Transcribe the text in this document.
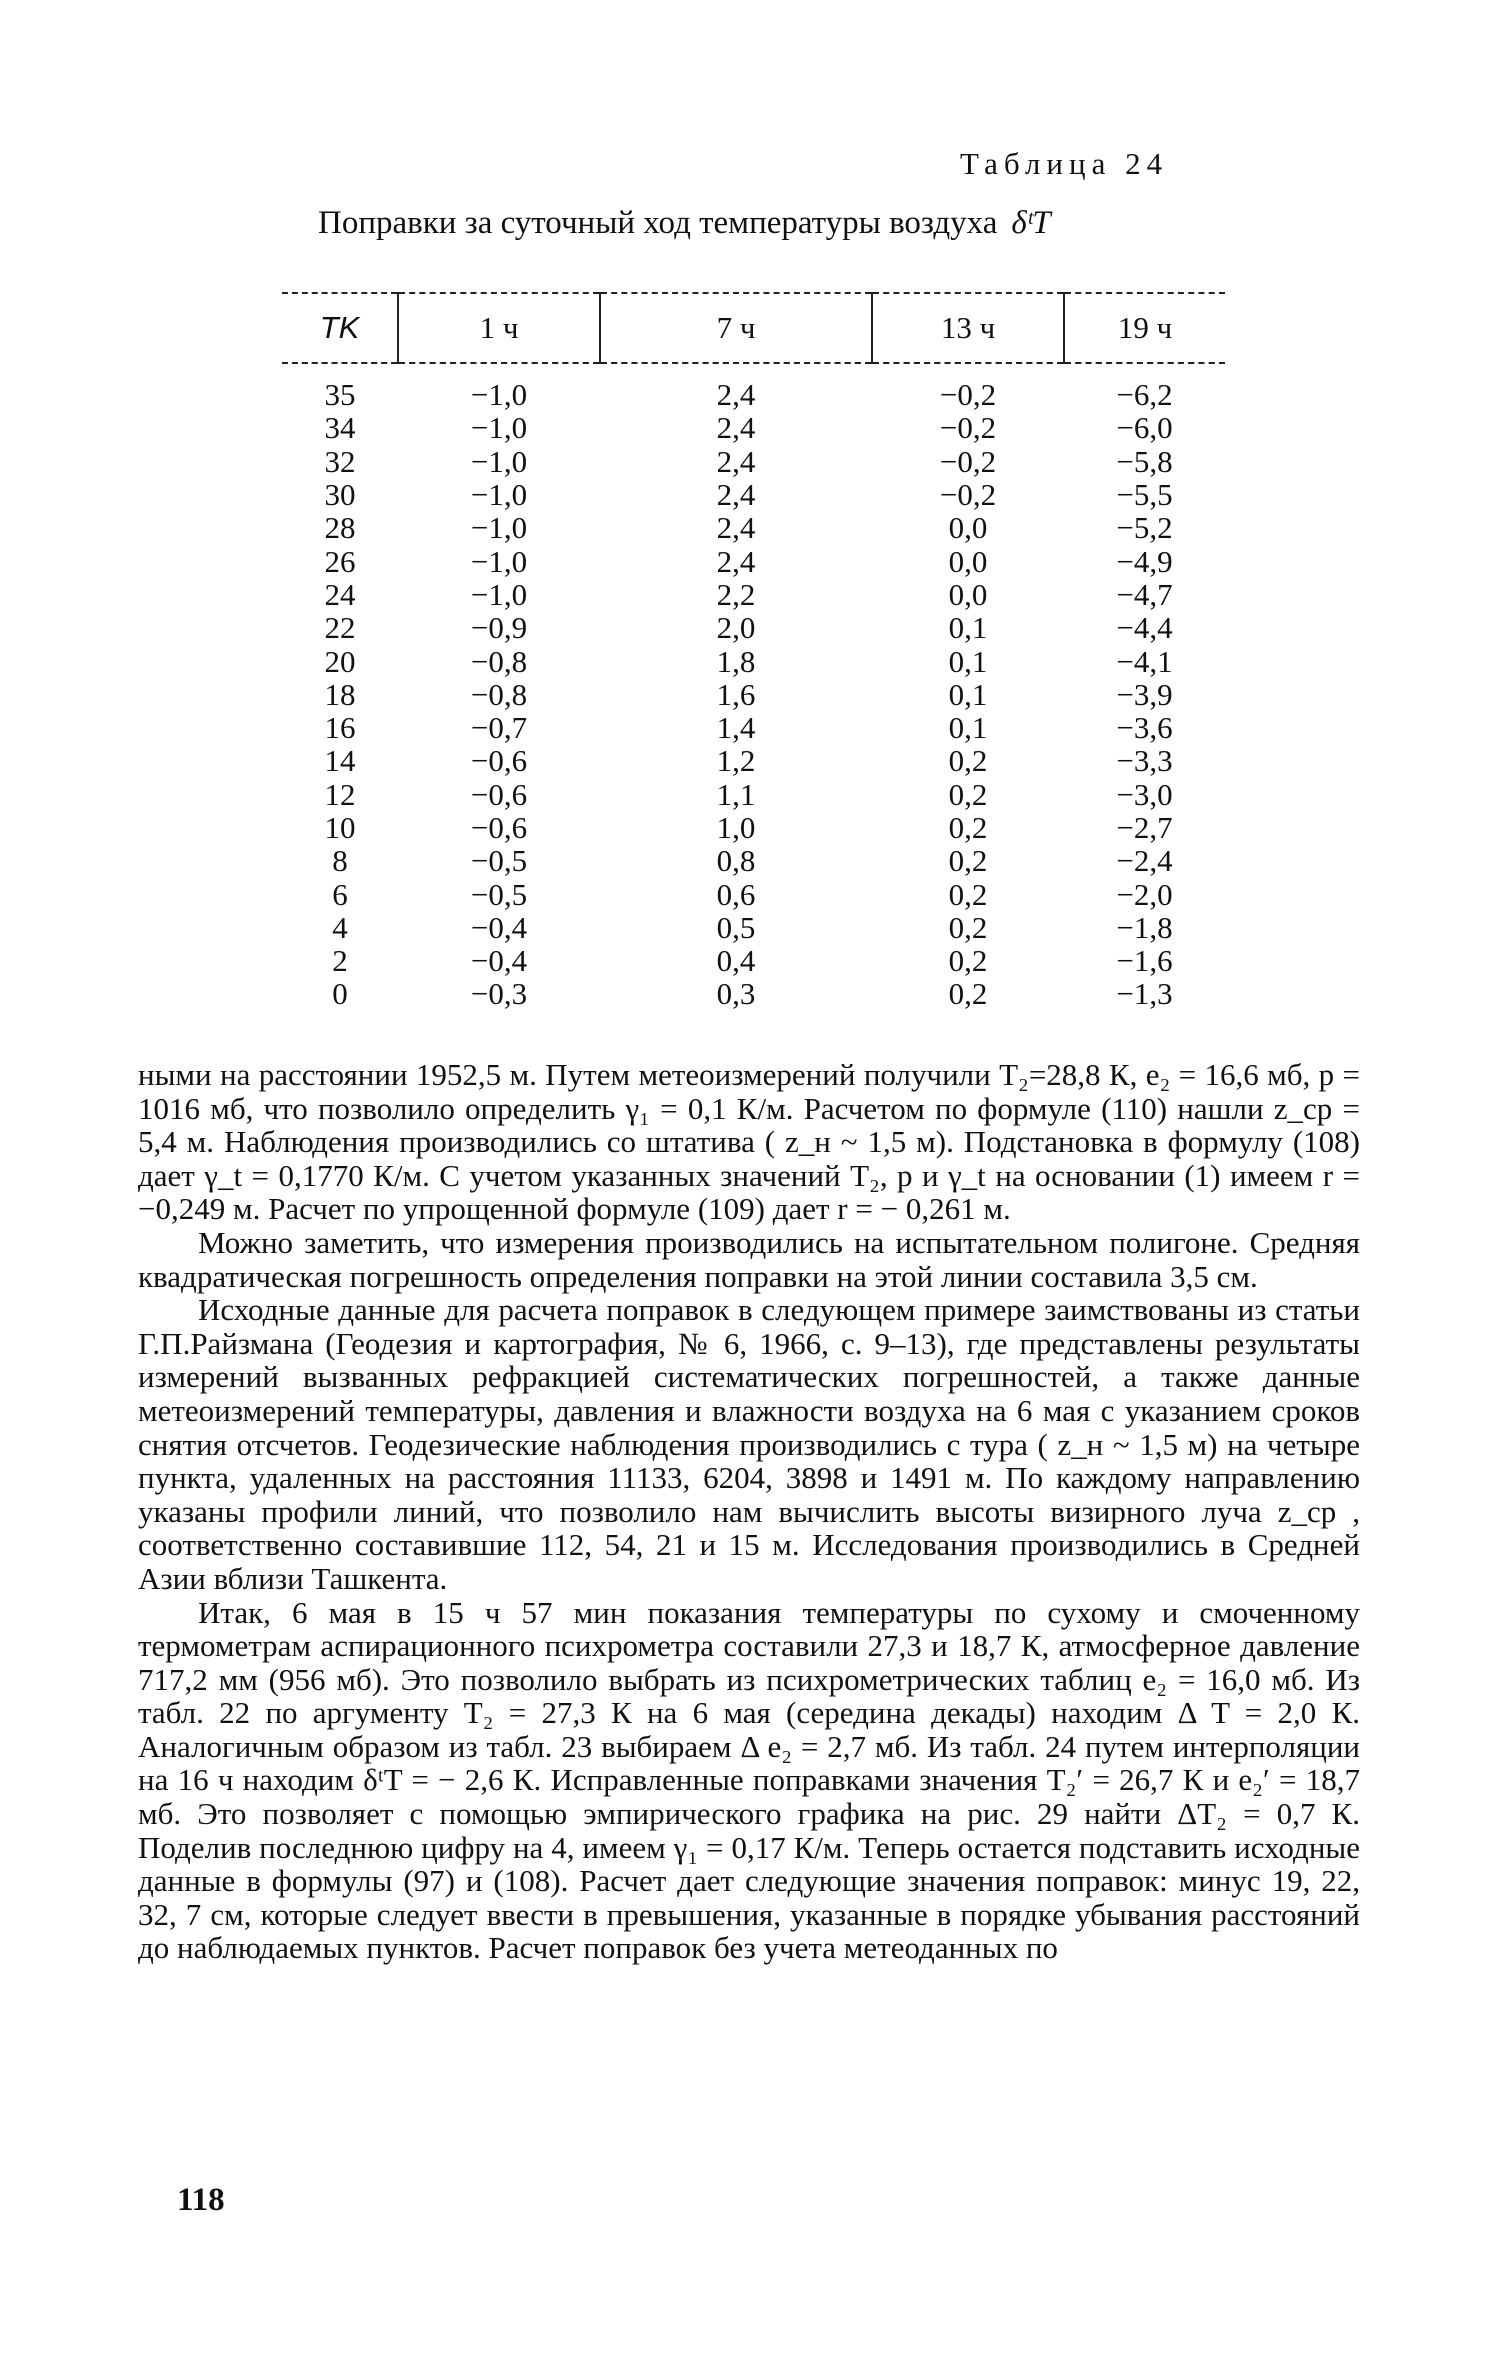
Таблица 24
Поправки за суточный ход температуры воздуха δᵗT
TK	1 ч	7 ч	13 ч	19 ч
35	−1,0	2,4	−0,2	−6,2
34	−1,0	2,4	−0,2	−6,0
32	−1,0	2,4	−0,2	−5,8
30	−1,0	2,4	−0,2	−5,5
28	−1,0	2,4	0,0	−5,2
26	−1,0	2,4	0,0	−4,9
24	−1,0	2,2	0,0	−4,7
22	−0,9	2,0	0,1	−4,4
20	−0,8	1,8	0,1	−4,1
18	−0,8	1,6	0,1	−3,9
16	−0,7	1,4	0,1	−3,6
14	−0,6	1,2	0,2	−3,3
12	−0,6	1,1	0,2	−3,0
10	−0,6	1,0	0,2	−2,7
8	−0,5	0,8	0,2	−2,4
6	−0,5	0,6	0,2	−2,0
4	−0,4	0,5	0,2	−1,8
2	−0,4	0,4	0,2	−1,6
0	−0,3	0,3	0,2	−1,3

ными на расстоянии 1952,5 м. Путем метеоизмерений получили T₂=28,8 К, e₂ = 16,6 мб, p = 1016 мб, что позволило определить γ₁ = 0,1 К/м. Расчетом по формуле (110) нашли z_ср = 5,4 м. Наблюдения производились со штатива ( z_н ~ 1,5 м). Подстановка в формулу (108) дает γ_t = 0,1770 К/м. С учетом указанных значений T₂, p и γ_t на основании (1) имеем r = −0,249 м. Расчет по упрощенной формуле (109) дает r = − 0,261 м.

Можно заметить, что измерения производились на испытательном полигоне. Средняя квадратическая погрешность определения поправки на этой линии составила 3,5 см.

Исходные данные для расчета поправок в следующем примере заимствованы из статьи Г.П.Райзмана (Геодезия и картография, № 6, 1966, с. 9–13), где представлены результаты измерений вызванных рефракцией систематических погрешностей, а также данные метеоизмерений температуры, давления и влажности воздуха на 6 мая с указанием сроков снятия отсчетов. Геодезические наблюдения производились с тура ( z_н ~ 1,5 м) на четыре пункта, удаленных на расстояния 11133, 6204, 3898 и 1491 м. По каждому направлению указаны профили линий, что позволило нам вычислить высоты визирного луча z_ср , соответственно составившие 112, 54, 21 и 15 м. Исследования производились в Средней Азии вблизи Ташкента.

Итак, 6 мая в 15 ч 57 мин показания температуры по сухому и смоченному термометрам аспирационного психрометра составили 27,3 и 18,7 К, атмосферное давление 717,2 мм (956 мб). Это позволило выбрать из психрометрических таблиц e₂ = 16,0 мб. Из табл. 22 по аргументу T₂ = 27,3 К на 6 мая (середина декады) находим Δ T = 2,0 К. Аналогичным образом из табл. 23 выбираем Δ e₂ = 2,7 мб. Из табл. 24 путем интерполяции на 16 ч находим δᵗT = − 2,6 К. Исправленные поправками значения T₂′ = 26,7 К и e₂′ = 18,7 мб. Это позволяет с помощью эмпирического графика на рис. 29 найти ΔT₂ = 0,7 К. Поделив последнюю цифру на 4, имеем γ₁ = 0,17 К/м. Теперь остается подставить исходные данные в формулы (97) и (108). Расчет дает следующие значения поправок: минус 19, 22, 32, 7 см, которые следует ввести в превышения, указанные в порядке убывания расстояний до наблюдаемых пунктов. Расчет поправок без учета метеоданных по

118
